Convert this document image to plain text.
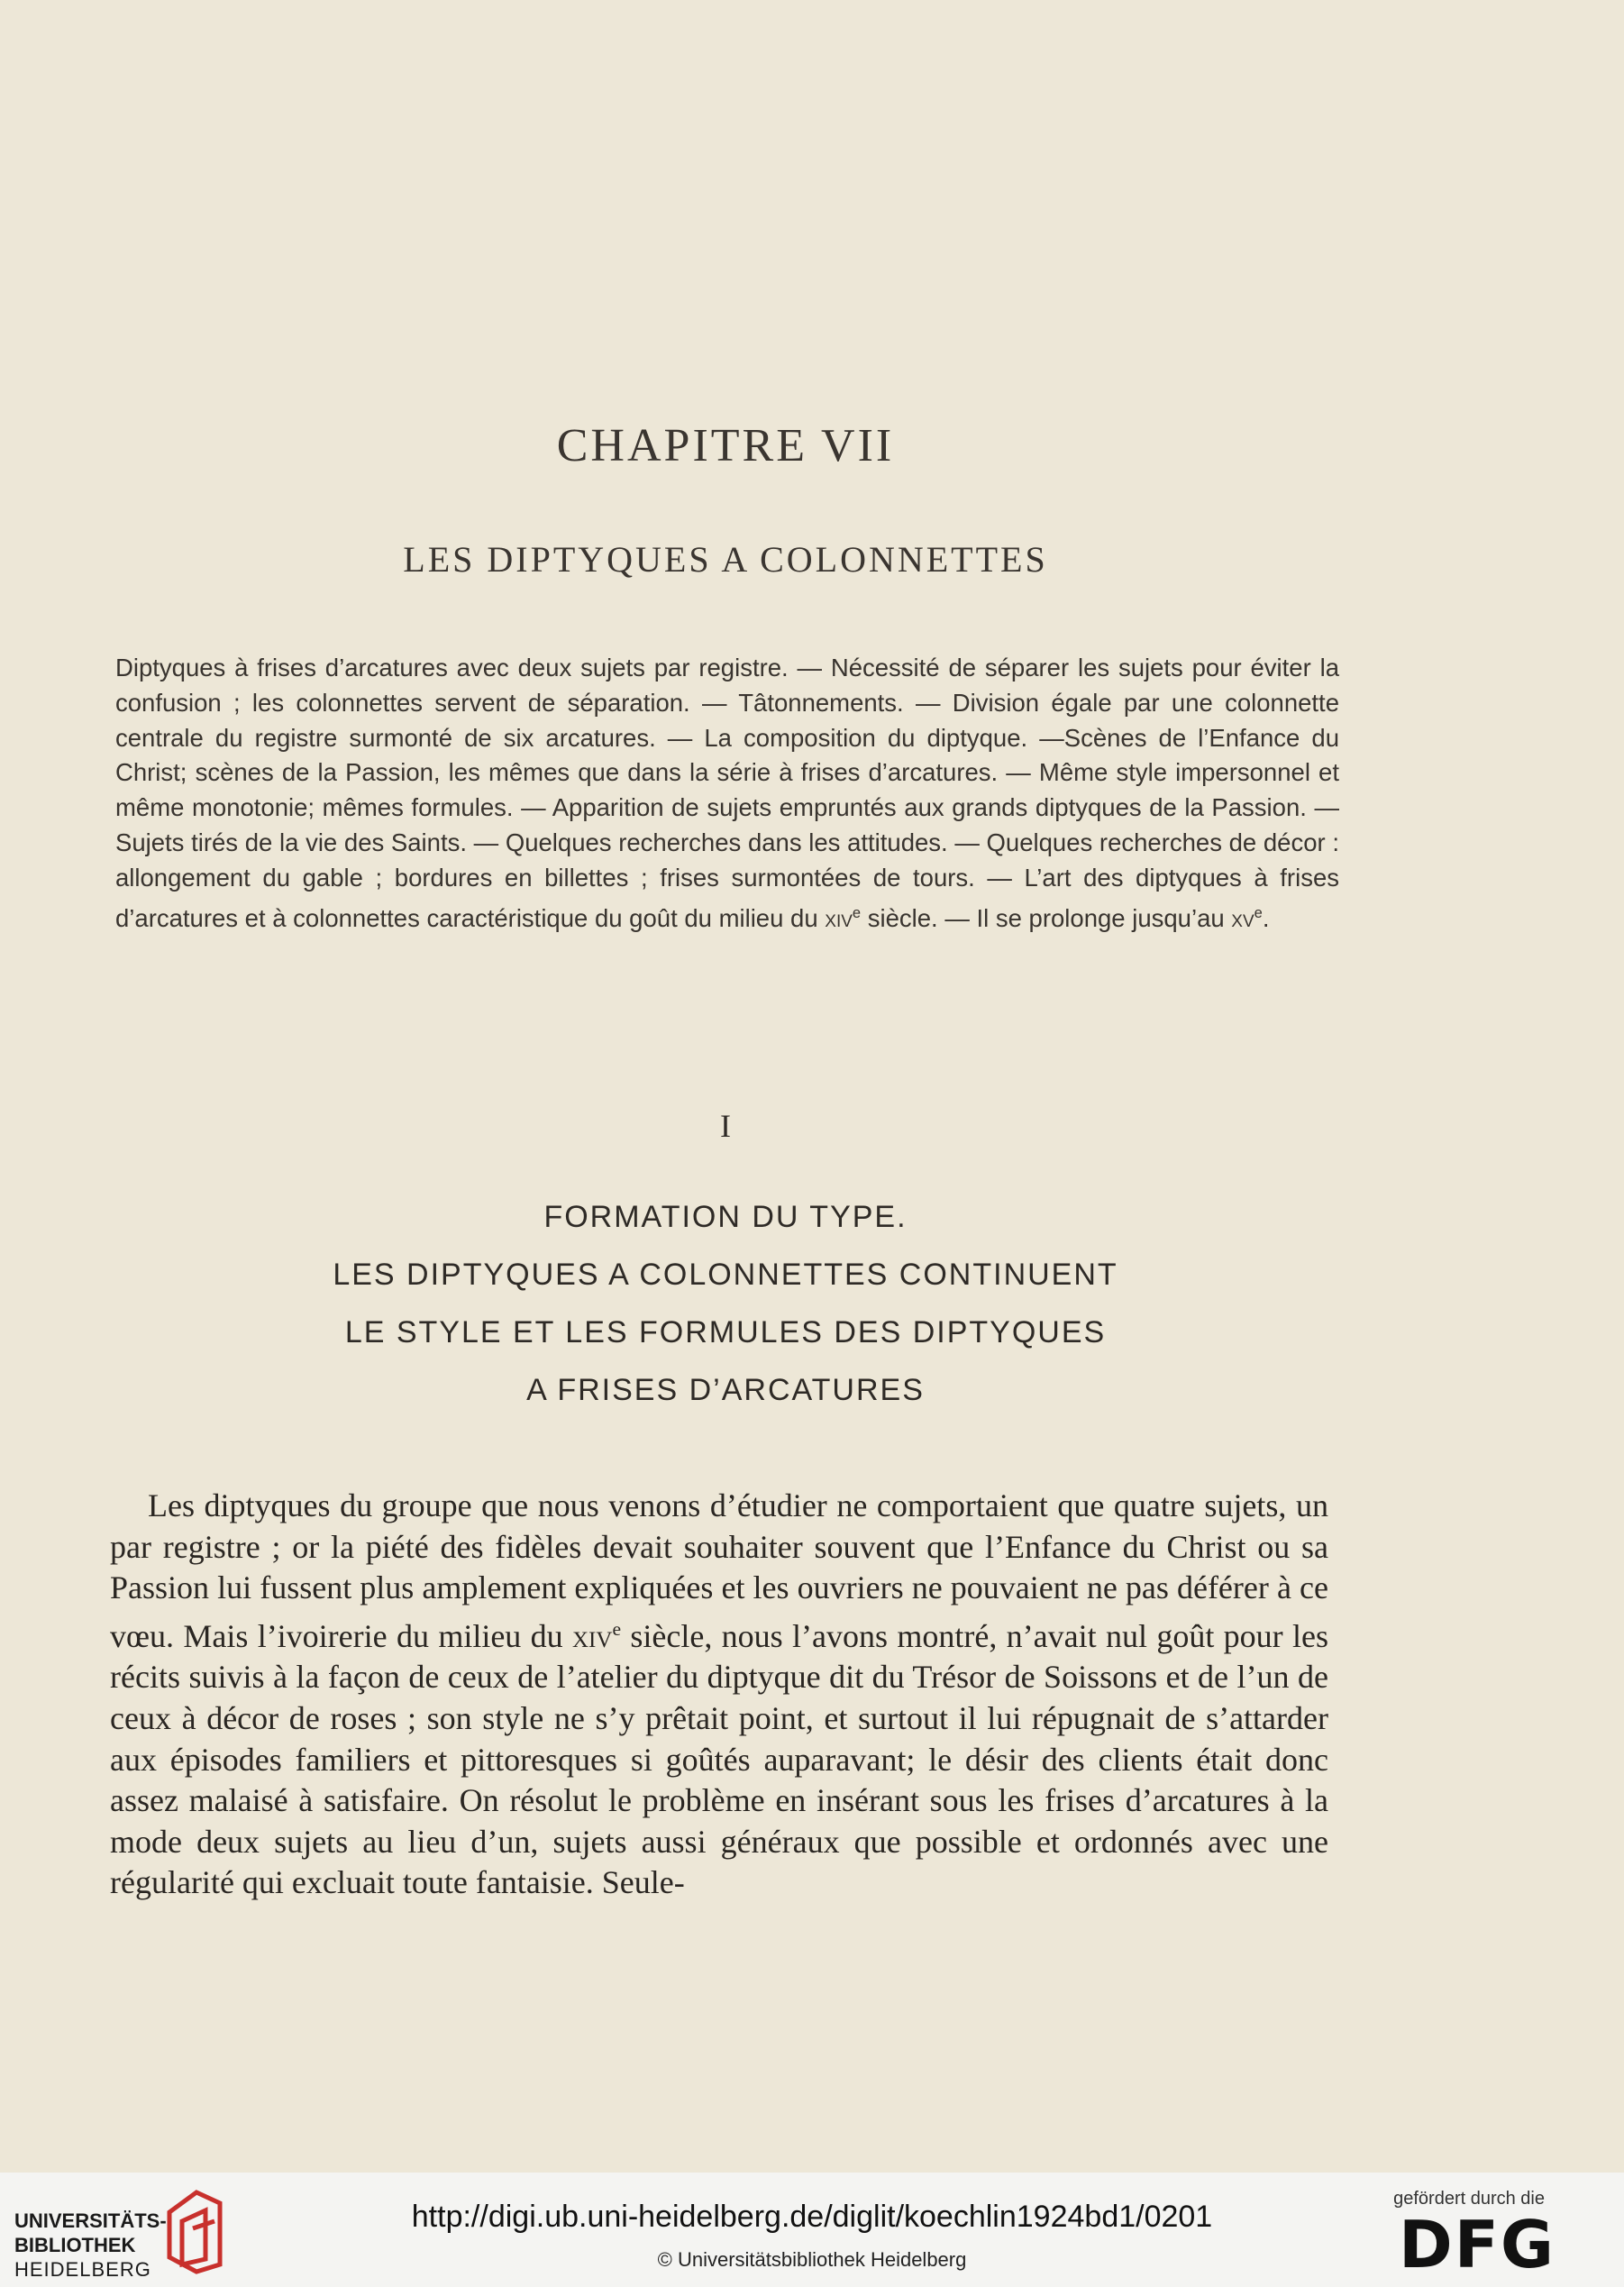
CHAPITRE VII
LES DIPTYQUES A COLONNETTES
Diptyques à frises d’arcatures avec deux sujets par registre. — Nécessité de séparer les sujets pour éviter la confusion ; les colonnettes servent de séparation. — Tâtonnements. — Division égale par une colonnette centrale du registre surmonté de six arcatures. — La composition du diptyque. —Scènes de l’Enfance du Christ; scènes de la Passion, les mêmes que dans la série à frises d’arcatures. — Même style impersonnel et même monotonie; mêmes formules. — Apparition de sujets empruntés aux grands diptyques de la Passion. — Sujets tirés de la vie des Saints. — Quelques recherches dans les attitudes. — Quelques recherches de décor : allongement du gable ; bordures en billettes ; frises surmontées de tours. — L’art des diptyques à frises d’arcatures et à colonnettes caractéristique du goût du milieu du xiv$^e$ siècle. — Il se prolonge jusqu’au $xv^e$.
I
FORMATION DU TYPE.
LES DIPTYQUES A COLONNETTES CONTINUENT
LE STYLE ET LES FORMULES DES DIPTYQUES
A FRISES D’ARCATURES

Les diptyques du groupe que nous venons d’étudier ne comportaient que quatre sujets, un par registre ; or la piété des fidèles devait souhaiter souvent que l’Enfance du Christ ou sa Passion lui fussent plus amplement expliquées et les ouvriers ne pouvaient ne pas déférer à ce vœu. Mais l’ivoirerie du milieu du xiv$^e$ siècle, nous l’avons montré, n’avait nul goût pour les récits suivis à la façon de ceux de l’atelier du diptyque dit du Trésor de Soissons et de l’un de ceux à décor de roses ; son style ne s’y prêtait point, et surtout il lui répugnait de s’attarder aux épisodes familiers et pittoresques si goûtés auparavant; le désir des clients était donc assez malaisé à satisfaire. On résolut le problème en insérant sous les frises d’arcatures à la mode deux sujets au lieu d’un, sujets aussi généraux que possible et ordonnés avec une régularité qui excluait toute fantaisie. Seule-

UNIVERSITÄTS-
BIBLIOTHEK
HEIDELBERG
http://digi.ub.uni-heidelberg.de/diglit/koechlin1924bd1/0201
© Universitätsbibliothek Heidelberg
gefördert durch die
DFG
